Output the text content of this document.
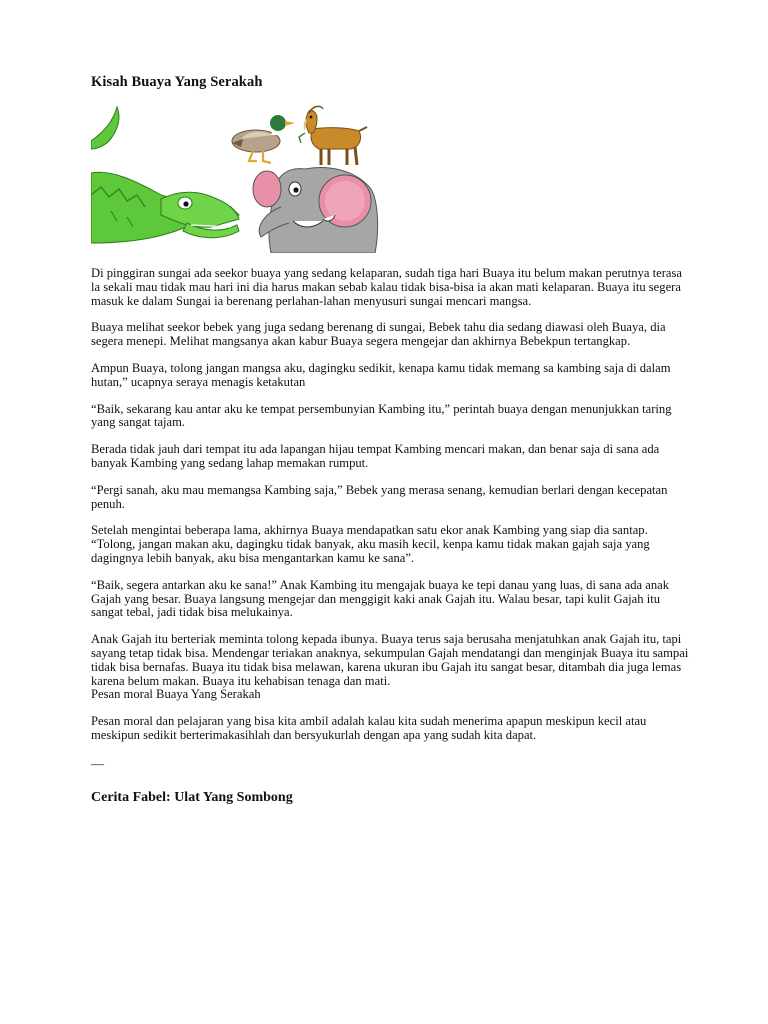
Kisah Buaya Yang Serakah

Di pinggiran sungai ada seekor buaya yang sedang kelaparan, sudah tiga hari Buaya itu belum makan perutnya terasa la sekali mau tidak mau hari ini dia harus makan sebab kalau tidak bisa-bisa ia akan mati kelaparan. Buaya itu segera masuk ke dalam Sungai ia berenang perlahan-lahan menyusuri sungai mencari mangsa.

Buaya melihat seekor bebek yang juga sedang berenang di sungai, Bebek tahu dia sedang diawasi oleh Buaya, dia segera menepi. Melihat mangsanya akan kabur Buaya segera mengejar dan akhirnya Bebekpun tertangkap.

Ampun Buaya, tolong jangan mangsa aku, dagingku sedikit, kenapa kamu tidak memang sa kambing saja di dalam hutan,” ucapnya seraya menagis ketakutan

“Baik, sekarang kau antar aku ke tempat persembunyian Kambing itu,” perintah buaya dengan menunjukkan taring yang sangat tajam.

Berada tidak jauh dari tempat itu ada lapangan hijau tempat Kambing mencari makan, dan benar saja di sana ada banyak Kambing yang sedang lahap memakan rumput.

“Pergi sanah, aku mau memangsa Kambing saja,” Bebek yang merasa senang, kemudian berlari dengan kecepatan penuh.

Setelah mengintai beberapa lama, akhirnya Buaya mendapatkan satu ekor anak Kambing yang siap dia santap. “Tolong, jangan makan aku, dagingku tidak banyak, aku masih kecil, kenpa kamu tidak makan gajah saja yang dagingnya lebih banyak, aku bisa mengantarkan kamu ke sana”.

“Baik, segera antarkan aku ke sana!” Anak Kambing itu mengajak buaya ke tepi danau yang luas, di sana ada anak Gajah yang besar. Buaya langsung mengejar dan menggigit kaki anak Gajah itu. Walau besar, tapi kulit Gajah itu sangat tebal, jadi tidak bisa melukainya.

Anak Gajah itu berteriak meminta tolong kepada ibunya. Buaya terus saja berusaha menjatuhkan anak Gajah itu, tapi sayang tetap tidak bisa. Mendengar teriakan anaknya, sekumpulan Gajah mendatangi dan menginjak Buaya itu sampai tidak bisa bernafas. Buaya itu tidak bisa melawan, karena ukuran ibu Gajah itu sangat besar, ditambah dia juga lemas karena belum makan. Buaya itu kehabisan tenaga dan mati.

Pesan moral Buaya Yang Serakah

Pesan moral dan pelajaran yang bisa kita ambil adalah kalau kita sudah menerima apapun meskipun kecil atau meskipun sedikit berterimakasihlah dan bersyukurlah dengan apa yang sudah kita dapat.

—
Cerita Fabel: Ulat Yang Sombong
